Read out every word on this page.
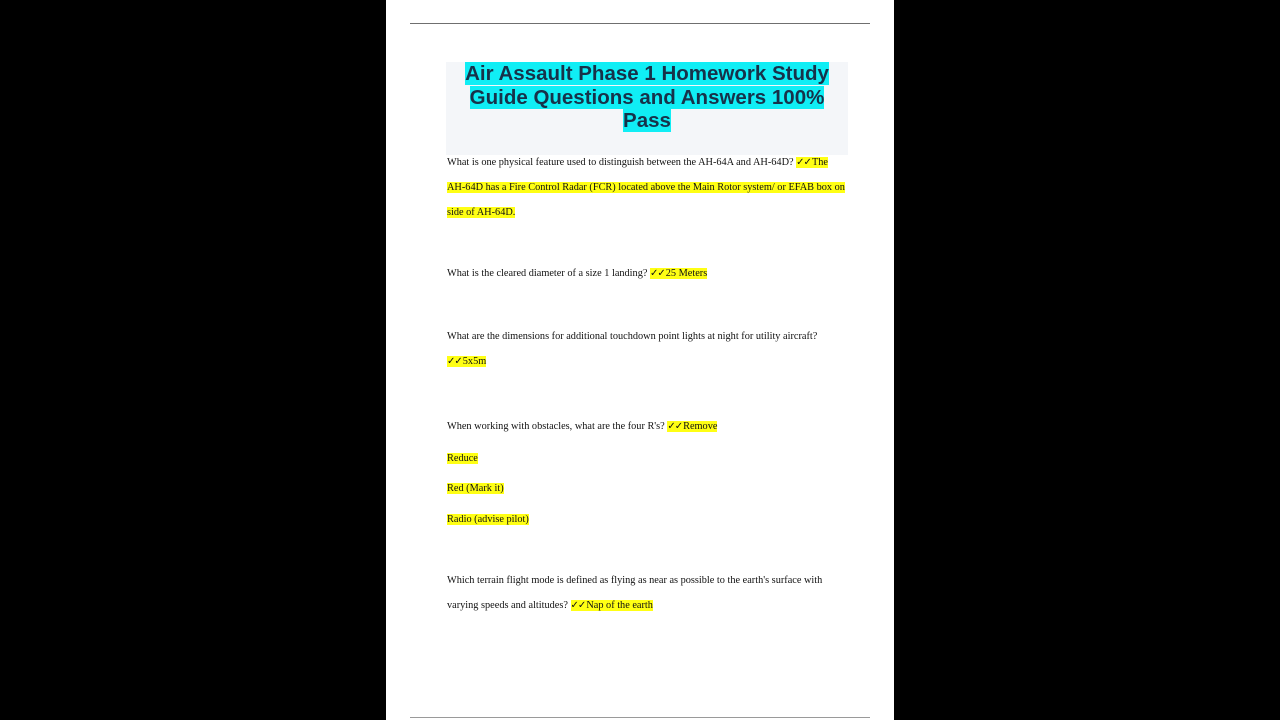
Air Assault Phase 1 Homework Study
Guide Questions and Answers 100%
Pass
What is one physical feature used to distinguish between the AH-64A and AH-64D? ✓✓The
AH-64D has a Fire Control Radar (FCR) located above the Main Rotor system/ or EFAB box on
side of AH-64D.
What is the cleared diameter of a size 1 landing? ✓✓25 Meters
What are the dimensions for additional touchdown point lights at night for utility aircraft?
✓✓5x5m
When working with obstacles, what are the four R's? ✓✓Remove
Reduce
Red (Mark it)
Radio (advise pilot)
Which terrain flight mode is defined as flying as near as possible to the earth's surface with
varying speeds and altitudes? ✓✓Nap of the earth
